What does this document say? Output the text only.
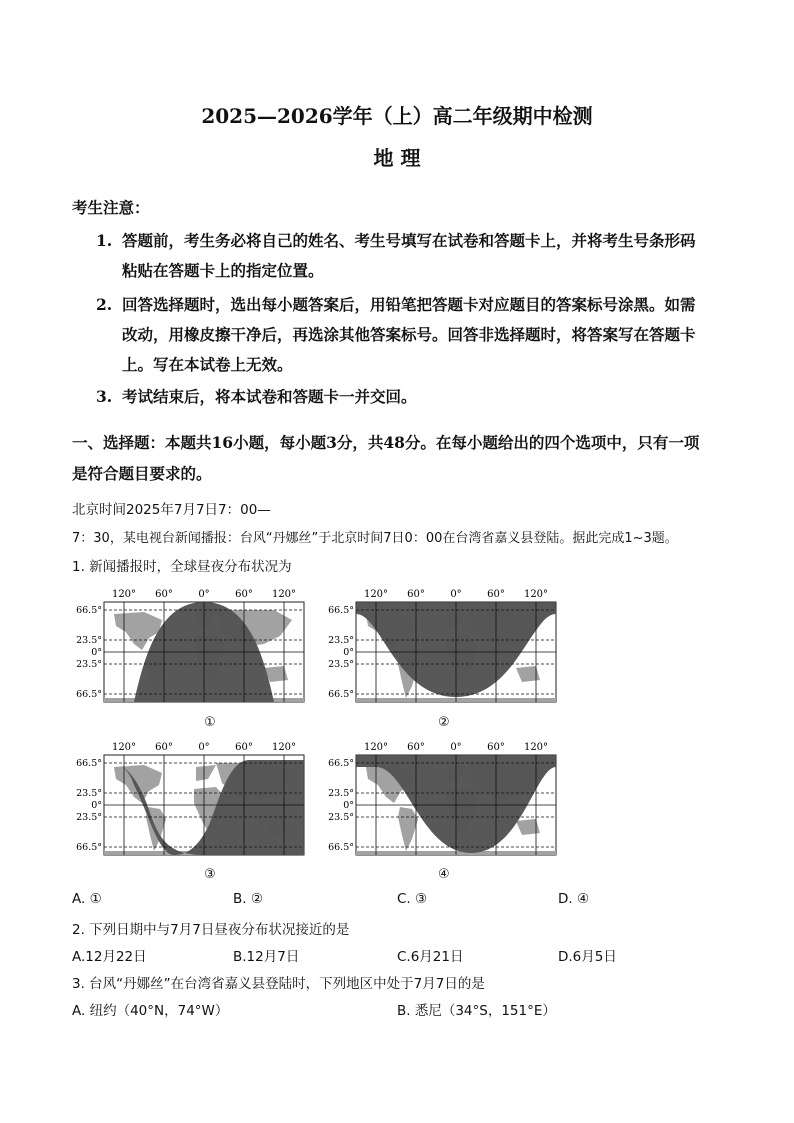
2025—2026学年（上）高二年级期中检测
地 理
考生注意：
1. 答题前，考生务必将自己的姓名、考生号填写在试卷和答题卡上，并将考生号条形码
粘贴在答题卡上的指定位置。
2. 回答选择题时，选出每小题答案后，用铅笔把答题卡对应题目的答案标号涂黑。如需
改动，用橡皮擦干净后，再选涂其他答案标号。回答非选择题时，将答案写在答题卡
上。写在本试卷上无效。
3. 考试结束后，将本试卷和答题卡一并交回。
一、选择题：本题共16小题，每小题3分，共48分。在每小题给出的四个选项中，只有一项
是符合题目要求的。
北京时间2025年7月7日7：00—
7：30，某电视台新闻播报：台风“丹娜丝”于北京时间7日0：00在台湾省嘉义县登陆。据此完成1~3题。
1. 新闻播报时，全球昼夜分布状况为
120° 60°	0°	60° 120°
66.5°
23.5°
0°
23.5°
66.5°
①
120° 60°	0°	60° 120°
66.5°
23.5°
0°
23.5°
66.5°
②
120° 60°	0°	60° 120°
66.5°
23.5°
0°
23.5°
66.5°
③
120° 60°	0°	60° 120°
66.5°
23.5°
0°
23.5°
66.5°
④
A. ①	B. ②	C. ③	D. ④
2. 下列日期中与7月7日昼夜分布状况接近的是
A.12月22日	B.12月7日	C.6月21日	D.6月5日
3. 台风“丹娜丝”在台湾省嘉义县登陆时，下列地区中处于7月7日的是
A. 纽约（40°N，74°W）	B. 悉尼（34°S，151°E）
